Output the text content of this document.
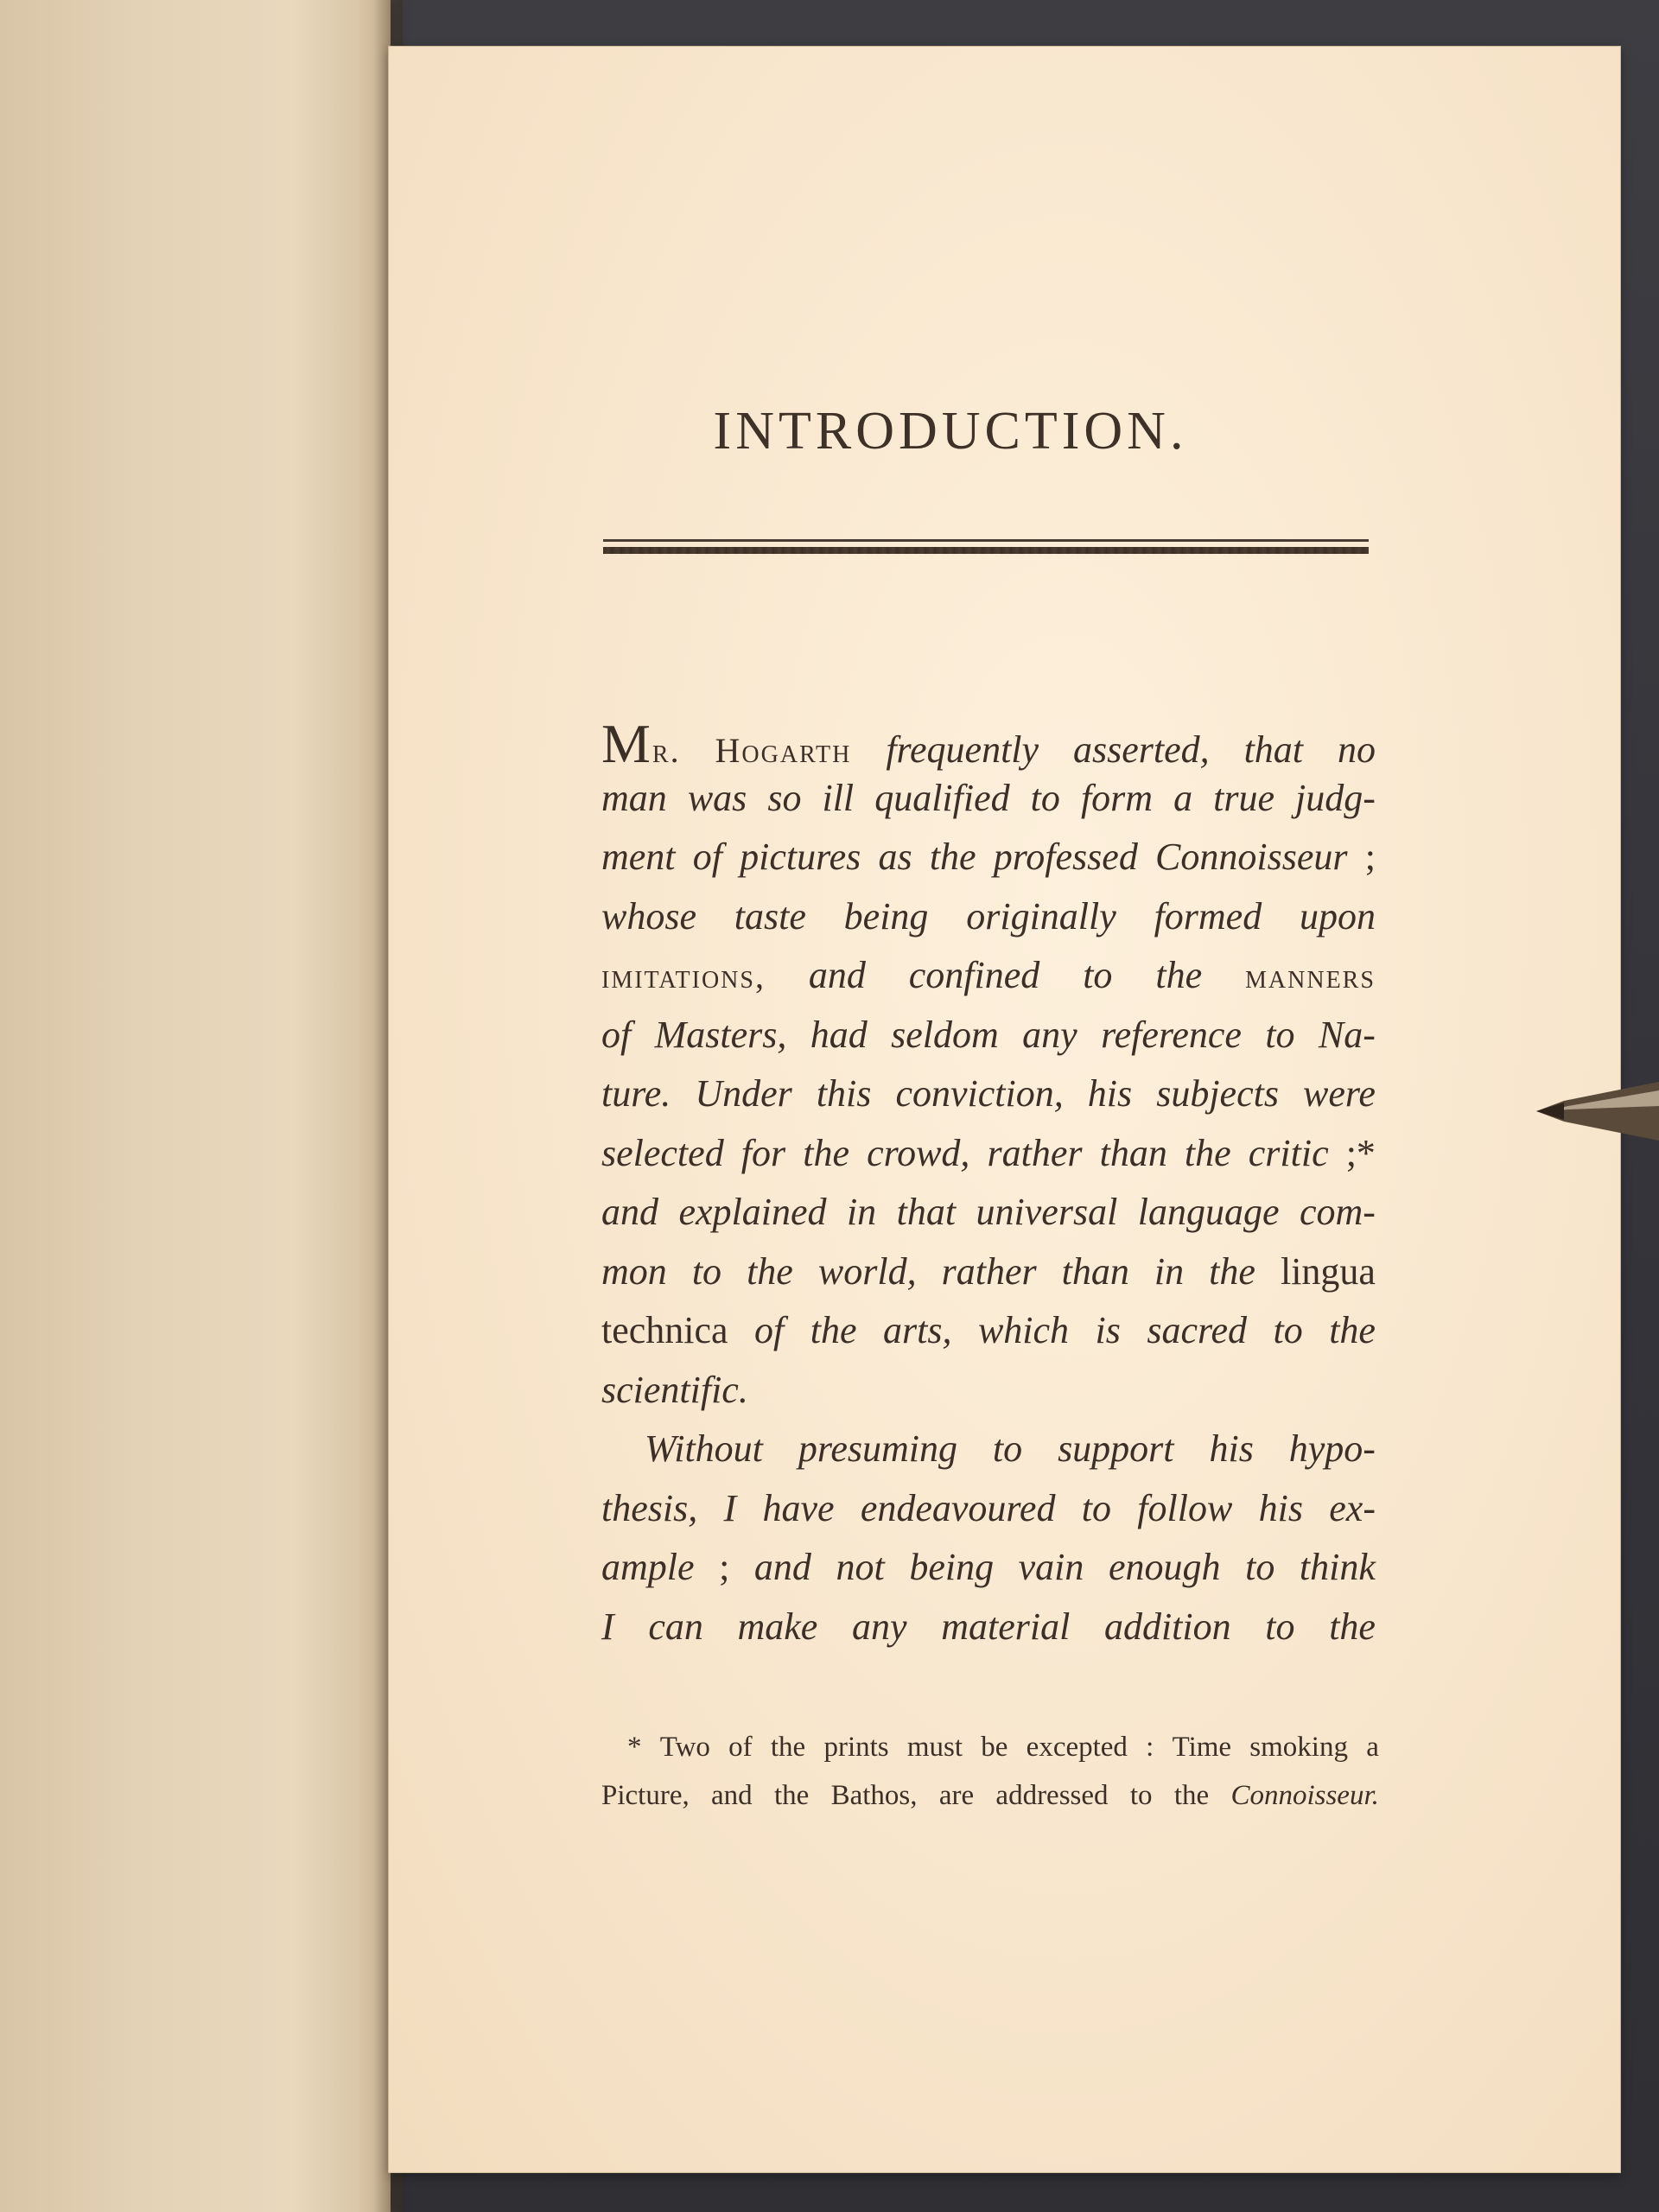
INTRODUCTION.
Mr. Hogarth frequently asserted, that no
man was so ill qualified to form a true judg-
ment of pictures as the professed Connoisseur ;
whose taste being originally formed upon
imitations, and confined to the manners
of Masters, had seldom any reference to Na-
ture. Under this conviction, his subjects were
selected for the crowd, rather than the critic ;*
and explained in that universal language com-
mon to the world, rather than in the lingua
technica of the arts, which is sacred to the
scientific.
Without presuming to support his hypo-
thesis, I have endeavoured to follow his ex-
ample ; and not being vain enough to think
I can make any material addition to the
* Two of the prints must be excepted : Time smoking a
Picture, and the Bathos, are addressed to the Connoisseur.
